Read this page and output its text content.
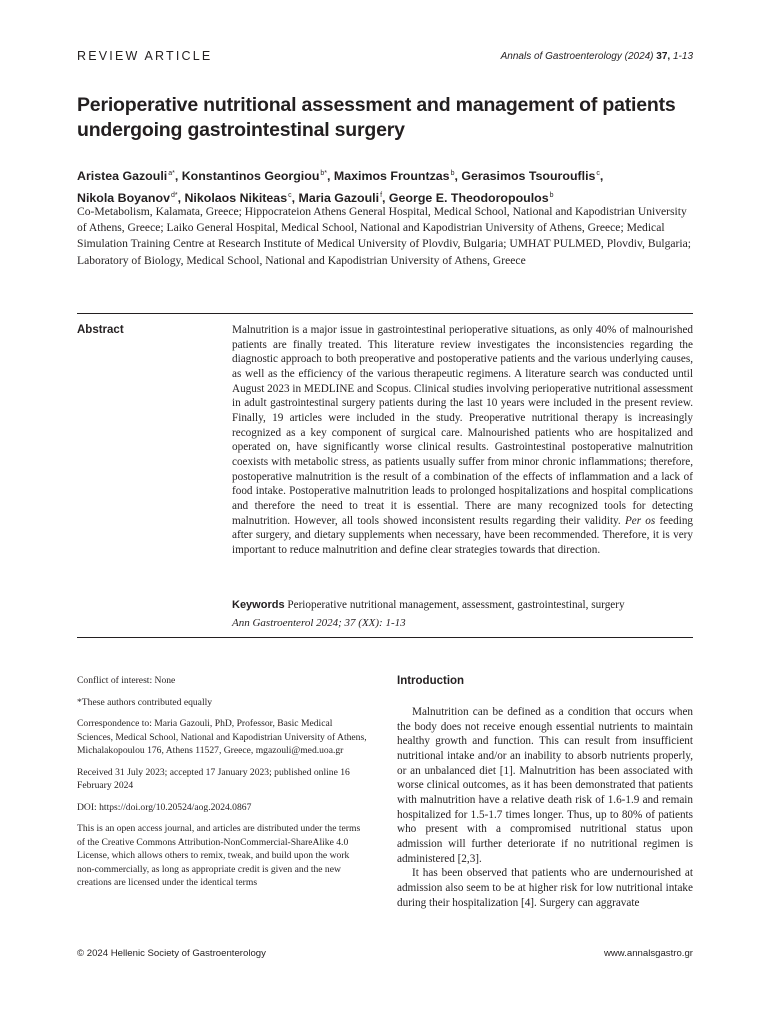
REVIEW ARTICLE	Annals of Gastroenterology (2024) 37, 1-13
Perioperative nutritional assessment and management of patients undergoing gastrointestinal surgery
Aristea Gazouli$^{a*}$, Konstantinos Georgiou$^{b*}$, Maximos Frountzas$^b$, Gerasimos Tsourouflis$^c$,
Nikola Boyanov$^{d*}$, Nikolaos Nikiteas$^c$, Maria Gazouli$^f$, George E. Theodoropoulos$^b$
Co-Metabolism, Kalamata, Greece; Hippocrateion Athens General Hospital, Medical School, National and Kapodistrian University of Athens, Greece; Laiko General Hospital, Medical School, National and Kapodistrian University of Athens, Greece; Medical Simulation Training Centre at Research Institute of Medical University of Plovdiv, Bulgaria; UMHAT PULMED, Plovdiv, Bulgaria; Laboratory of Biology, Medical School, National and Kapodistrian University of Athens, Greece
Abstract	Malnutrition is a major issue in gastrointestinal perioperative situations, as only 40% of malnourished patients are finally treated. This literature review investigates the inconsistencies regarding the diagnostic approach to both preoperative and postoperative patients and the various underlying causes, as well as the efficiency of the various therapeutic regimens. A literature search was conducted until August 2023 in MEDLINE and Scopus. Clinical studies involving perioperative nutritional assessment in adult gastrointestinal surgery patients during the last 10 years were included in the present review. Finally, 19 articles were included in the study. Preoperative nutritional therapy is increasingly recognized as a key component of surgical care. Malnourished patients who are hospitalized and operated on, have significantly worse clinical results. Gastrointestinal postoperative malnutrition coexists with metabolic stress, as patients usually suffer from minor chronic inflammations; therefore, postoperative malnutrition is the result of a combination of the effects of inflammation and a lack of food intake. Postoperative malnutrition leads to prolonged hospitalizations and hospital complications and therefore the need to treat it is essential. There are many recognized tools for detecting malnutrition. However, all tools showed inconsistent results regarding their validity. Per os feeding after surgery, and dietary supplements when necessary, have been recommended. Therefore, it is very important to reduce malnutrition and define clear strategies towards that direction.
Keywords Perioperative nutritional management, assessment, gastrointestinal, surgery
Ann Gastroenterol 2024; 37 (XX): 1-13

Conflict of interest: None

*These authors contributed equally

Correspondence to: Maria Gazouli, PhD, Professor, Basic Medical Sciences, Medical School, National and Kapodistrian University of Athens, Michalakopoulou 176, Athens 11527, Greece, mgazouli@med.uoa.gr

Received 31 July 2023; accepted 17 January 2023; published online 16 February 2024

DOI: https://doi.org/10.20524/aog.2024.0867

This is an open access journal, and articles are distributed under the terms of the Creative Commons Attribution-NonCommercial-ShareAlike 4.0 License, which allows others to remix, tweak, and build upon the work non-commercially, as long as appropriate credit is given and the new creations are licensed under the identical terms

Introduction

Malnutrition can be defined as a condition that occurs when the body does not receive enough essential nutrients to maintain healthy growth and function. This can result from insufficient nutritional intake and/or an inability to absorb nutrients properly, or an unbalanced diet [1]. Malnutrition has been associated with worse clinical outcomes, as it has been demonstrated that patients with malnutrition have a relative death risk of 1.6-1.9 and remain hospitalized for 1.5-1.7 times longer. Thus, up to 80% of patients who present with a compromised nutritional status upon admission will further deteriorate if no nutritional regimen is administered [2,3].

It has been observed that patients who are undernourished at admission also seem to be at higher risk for low nutritional intake during their hospitalization [4]. Surgery can aggravate

© 2024 Hellenic Society of Gastroenterology	www.annalsgastro.gr
